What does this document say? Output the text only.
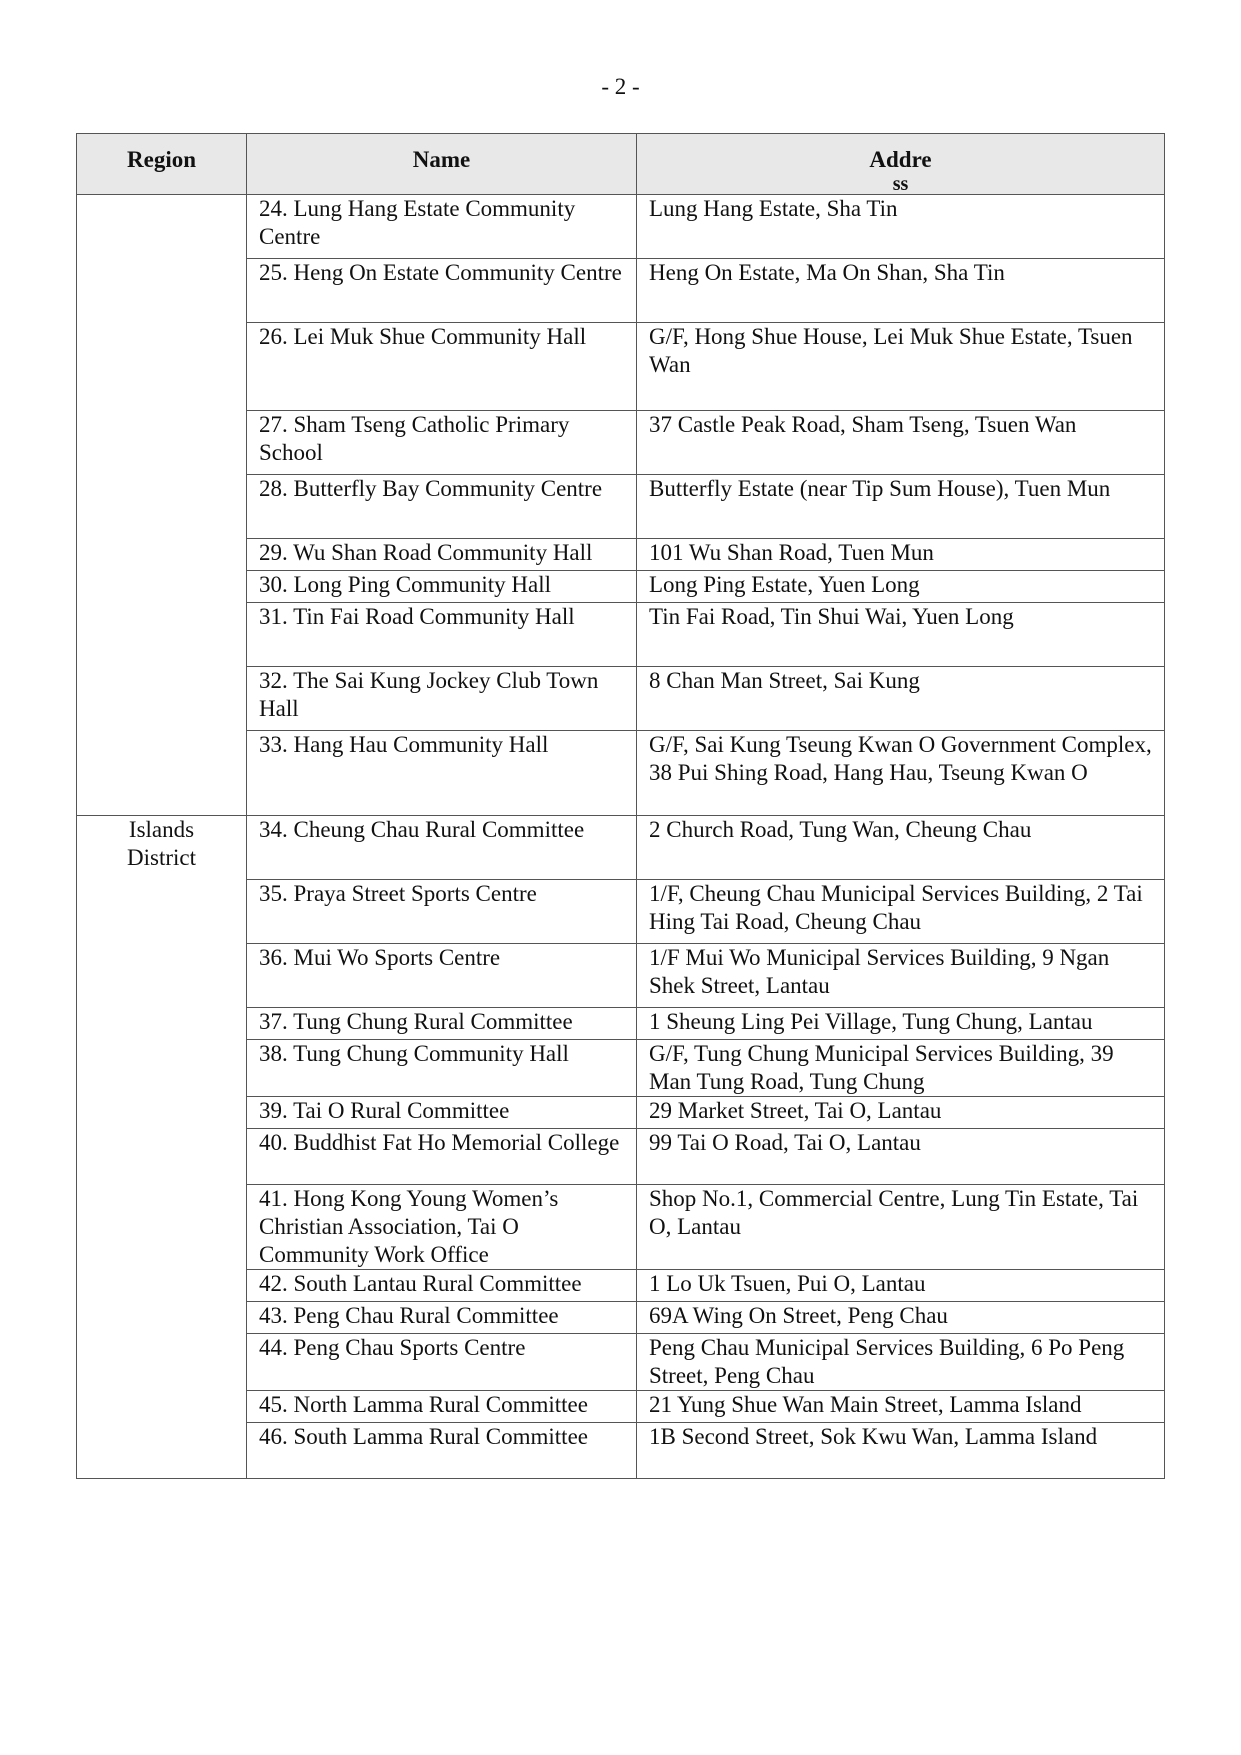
- 2 -
Region	Name	Addre
ss

	24. Lung Hang Estate Community Centre	Lung Hang Estate, Sha Tin
	25. Heng On Estate Community Centre	Heng On Estate, Ma On Shan, Sha Tin
	26. Lei Muk Shue Community Hall	G/F, Hong Shue House, Lei Muk Shue Estate, Tsuen Wan
	27. Sham Tseng Catholic Primary School	37 Castle Peak Road, Sham Tseng, Tsuen Wan
	28. Butterfly Bay Community Centre	Butterfly Estate (near Tip Sum House), Tuen Mun
	29. Wu Shan Road Community Hall	101 Wu Shan Road, Tuen Mun
	30. Long Ping Community Hall	Long Ping Estate, Yuen Long
	31. Tin Fai Road Community Hall	Tin Fai Road, Tin Shui Wai, Yuen Long
	32. The Sai Kung Jockey Club Town Hall	8 Chan Man Street, Sai Kung
	33. Hang Hau Community Hall	G/F, Sai Kung Tseung Kwan O Government Complex, 38 Pui Shing Road, Hang Hau, Tseung Kwan O

Islands
District	34. Cheung Chau Rural Committee	2 Church Road, Tung Wan, Cheung Chau
	35. Praya Street Sports Centre	1/F, Cheung Chau Municipal Services Building, 2 Tai Hing Tai Road, Cheung Chau
	36. Mui Wo Sports Centre	1/F Mui Wo Municipal Services Building, 9 Ngan Shek Street, Lantau
	37. Tung Chung Rural Committee	1 Sheung Ling Pei Village, Tung Chung, Lantau
	38. Tung Chung Community Hall	G/F, Tung Chung Municipal Services Building, 39 Man Tung Road, Tung Chung
	39. Tai O Rural Committee	29 Market Street, Tai O, Lantau
	40. Buddhist Fat Ho Memorial College	99 Tai O Road, Tai O, Lantau
	41. Hong Kong Young Women’s Christian Association, Tai O Community Work Office	Shop No.1, Commercial Centre, Lung Tin Estate, Tai O, Lantau
	42. South Lantau Rural Committee	1 Lo Uk Tsuen, Pui O, Lantau
	43. Peng Chau Rural Committee	69A Wing On Street, Peng Chau
	44. Peng Chau Sports Centre	Peng Chau Municipal Services Building, 6 Po Peng Street, Peng Chau
	45. North Lamma Rural Committee	21 Yung Shue Wan Main Street, Lamma Island
	46. South Lamma Rural Committee	1B Second Street, Sok Kwu Wan, Lamma Island
